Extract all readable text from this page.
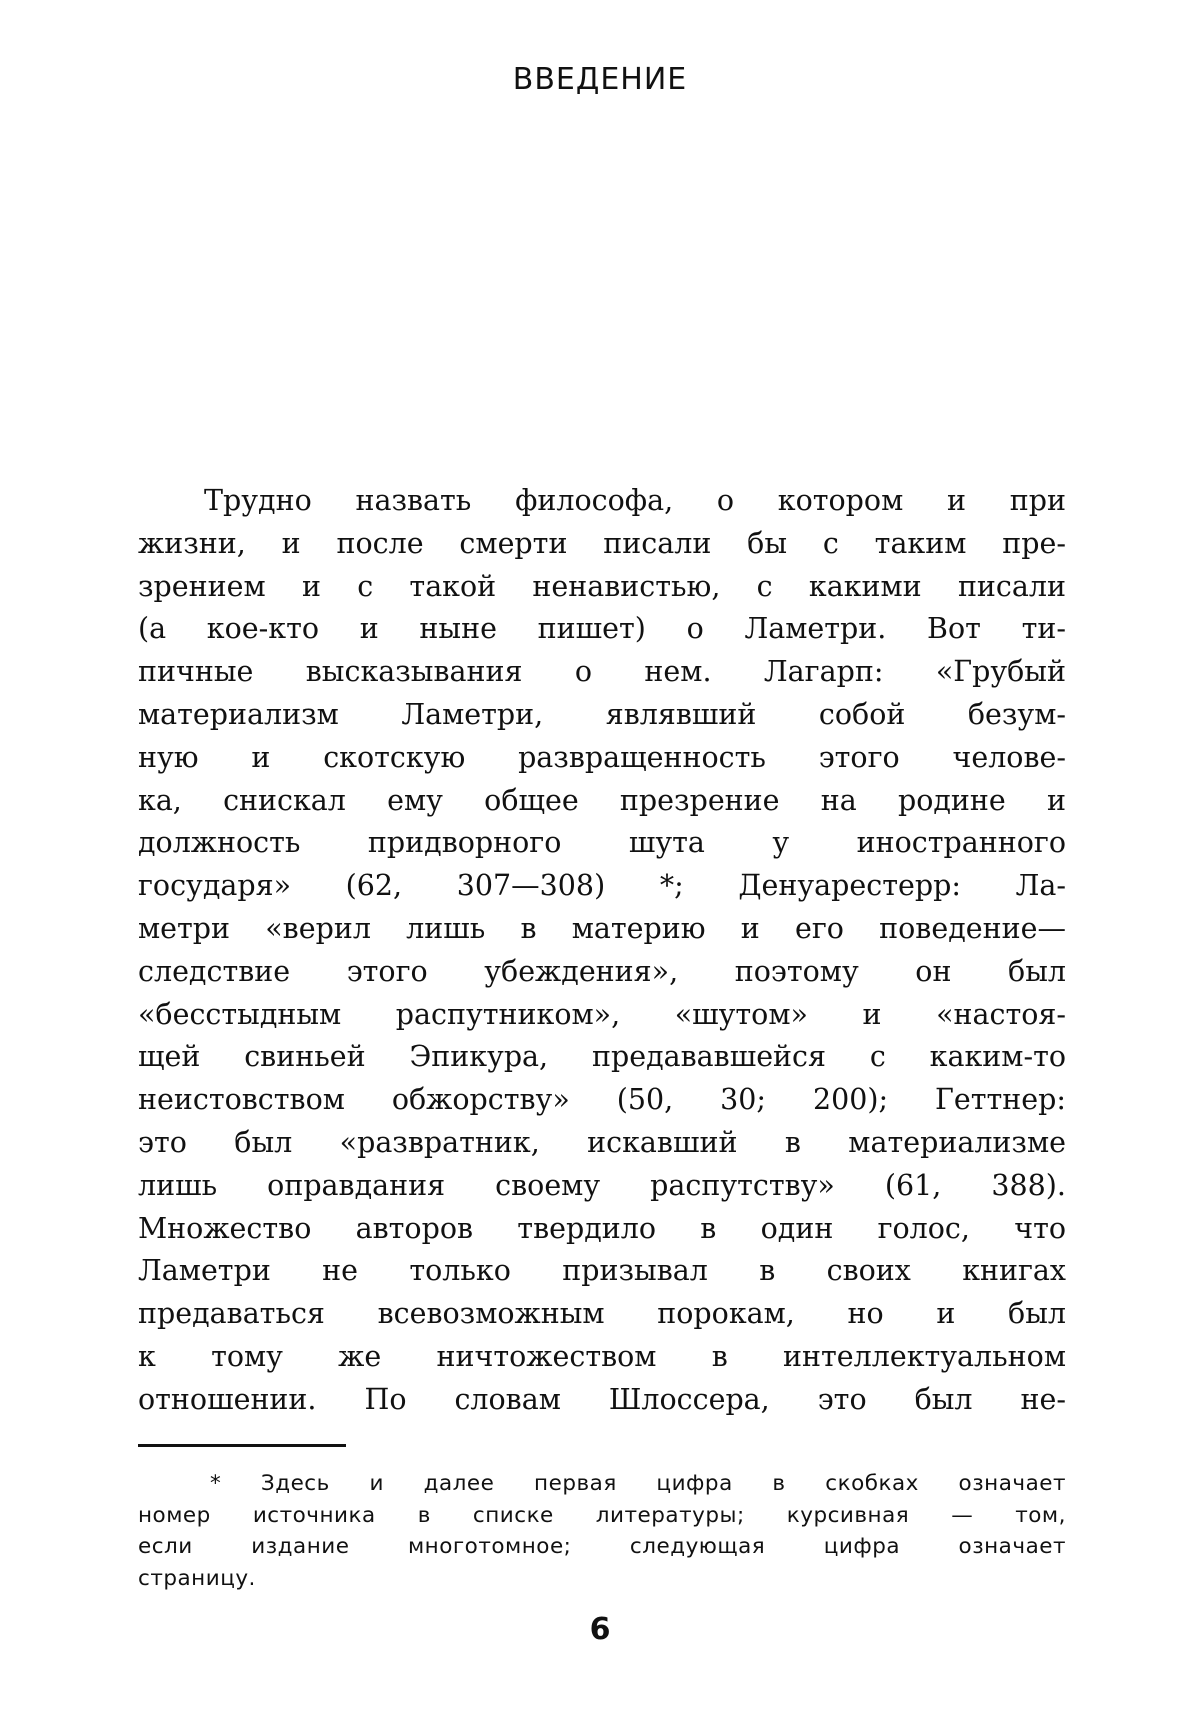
ВВЕДЕНИЕ
Трудно назвать философа, о котором и при
жизни, и после смерти писали бы с таким пре-
зрением и с такой ненавистью, с какими писали
(а кое-кто и ныне пишет) о Ламетри. Вот ти-
пичные высказывания о нем. Лагарп: «Грубый
материализм Ламетри, являвший собой безум-
ную и скотскую развращенность этого челове-
ка, снискал ему общее презрение на родине и
должность придворного шута у иностранного
государя» (62, 307—308) *; Денуарестерр: Ла-
метри «верил лишь в материю и его поведение—
следствие этого убеждения», поэтому он был
«бесстыдным распутником», «шутом» и «настоя-
щей свиньей Эпикура, предававшейся с каким-то
неистовством обжорству» (50, 30; 200); Геттнер:
это был «развратник, искавший в материализме
лишь оправдания своему распутству» (61, 388).
Множество авторов твердило в один голос, что
Ламетри не только призывал в своих книгах
предаваться всевозможным порокам, но и был
к тому же ничтожеством в интеллектуальном
отношении. По словам Шлоссера, это был не-
* Здесь и далее первая цифра в скобках означает
номер источника в списке литературы; курсивная — том,
если издание многотомное; следующая цифра означает
страницу.
6
